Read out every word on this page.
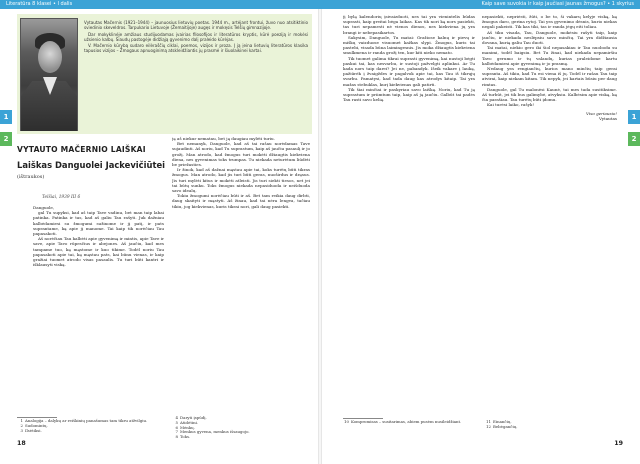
Literatūra 8 klasei • I dalis	Kaip save suvokia ir kaip jaučiasi jaunas žmogus? • 1 skyrius
1
2
1
2

Vytautas Mačernis (1921–1944) – jaunuosius lietuvių poetas. 1944 m., artėjant frontui, žuvo nuo atsitiktinio sviedinio skeveldros. Tarpukario Lietuvoje (Žemaitijoje) augęs ir mokęsis Telšių gimnazijoje.

Dar mokyklinėje amžiaus studijuodamas įvairias filosofijos ir literatūros kryptis, kūrė poeziją ir mokėsi užsienio kalbų. Šiaudų pastogėje didžiąją gyvenimo dalį praleido kūrėjas.

V. Mačernio kūrybą sudaro eilėraščių ciklai, poemos, vizijos ir proza. Į ją įeina lietuvių literatūros klasika tapusios vizijos – Žmogaus apnuoginimą atskleidžiantis jų prasmė ir šiuolaikinei kartai.

VYTAUTO MAČERNIO LAIŠKAI
Laiškas Danguolei Jackevičiūtei
(ištraukos)
Telšiai, 1939 III 6

Danguole,

gal Tu supyksi, kad aš taip Tave vadinu, bet man taip labai patinka. Patinka ir tas, kad aš galiu Tau rašyti. Juk dažniau kalbėdamiesi su žmogumi sužinome ir jį patį, ir pats suprantame, ką apie jį manome. Tai kaip tik norėčiau Tau papasakoti.

Aš norėčiau Tau kalbėti apie gyvenimą ir mintis, apie Tave ir save, apie Tavo rūpesčius ir abejones. Aš jaučiu, kad mes tampame tuo, ką mąstome ir kuo tikime. Todėl noriu Tau papasakoti apie tai, ką mąstau pats, kai būnu vienas, ir kaip gražiai tuomet atrodo visas pasaulis. Tu turi būti kantri ir išklausyti viską.

ją aš niekur nematau, bet ją daugiau mylėti turiu.

Bet nemanyk, Danguole, kad aš tai rašau norėdamas Tave sujaudinti. Aš noriu, kad Tu suprastum, kaip aš jaučiu pasaulį ir jo grožį. Man atrodo, kad žmogus turi mokėti džiaugtis kiekviena diena, nes gyvenimas toks trumpas. Tu niekada neturėtum liūdėti be priežasties.

Ir žinok, kad aš dažnai mąstau apie tai, koks turėtų būti tikras žmogus. Man atrodo, kad jis turi būti geras, nuoširdus ir drąsus. Jis turi mylėti kitus ir mokėti atleisti. Jis turi siekti tiesos, net jei tai būtų sunku. Toks žmogus niekada nepasiduoda ir neišduoda savo idealų.

Tokiu žmogumi norėčiau būti ir aš. Bet tam reikia daug dirbti, daug skaityti ir mąstyti. Aš žinau, kad tai nėra lengva, tačiau tikiu, jog kiekvienas, kuris tikrai nori, gali daug pasiekti.

jį bylą kalendorių įsivaizduoti, nes tai yra vienintelis būdas suprasti, kaip greitai bėga laikas. Kas tik nori ką nors pasiekti, tas turi nepamesti nė vienos dienos, nes kiekviena jų yra brangi ir nebepasikartos.

Sakysim, Danguole, Tu matai: Gražiose kalnų ir pievų ir miškų vaizduose visuomet kažkas slypi. Žmogus, kuris tai pastebi, visada būna laimingesnis. Jis moka džiaugtis kiekviena smulkmena ir randa grožį ten, kur kiti nieko nemato.

Tik tuomet galima tikrai suprasti gyvenimą, kai nustoji bėgti paskui tai, kas nesvarbu, ir sustoji pažvelgti aplinkui. Ar Tu kada nors taip darei? Jei ne, pabandyk. Išeik vakare į lauką, pažiūrėk į žvaigždes ir pagalvok apie tai, kas Tau iš tikrųjų svarbu. Pamatysi, kad tada daug kas atrodys kitaip. Tai yra mažas stebuklas, kurį kiekvienas gali patirti.

Tik šiai minčiai ir paskyriau savo laišką. Noriu, kad Tu ją suprastum ir priimtum taip, kaip aš ją jaučiu. Galbūt tai padės Tau rasti savo kelią.

nepasiekti, nepriėsti, žūti, o be to, ši vakarų kelyje viską, ką žmogus daro, gerina rytoj. Tai yra gyvenimo dėsnis, kurio niekas negali pakeisti. Tik kas tiki, tas ir randa jėgų eiti toliau.

Aš tiku visada, Tau, Danguole, mokėsiu rašyti taip, kaip jaučiu, ir niekada neslėpsiu savo minčių. Tai yra didžiausia dovana, kurią galiu Tau duoti.

Tai matai, niekio gero iki šiol nepasakiau ir Tau nuobodu su manimi, todėl baigsiu. Bet Tu žinai, kad niekada nepamiršiu Tavo gerumo ir tų valandų, kurias praleidome kartu kalbėdamiesi apie gyvenimą ir jo prasmę.

Nedaug yra rengiančių, kurios mano minčių taip gerai supranta. Aš tikiu, kad Tu esi viena iš jų. Todėl ir rašau Tau taip atvirai, kaip niekam kitam. Tik nepyk, jei kartais būsiu per daug rimtas.

Danguole, gal Tu malonėsi Kaunė, tai mes tada susitiksime. Aš turbūt, jei tik bus galimybė, atvyksiu. Kalbėsim apie viską, ką čia parašiau. Tau turėtų būti įdomu.

Kai turėsi laiko, rašyk!

Viso geriausio!

Vytautas

1 Analogija – dalykų ar reiškinių panašumas tam tikru atžvilgiu.
2 Sudomintų.
3 Ilsėtiksi.
4 Daryti įspūdį.
5 Atidėtini.
6 Mėnkų.
7 Menkus gyvena, menkus išsaugojo.
8 Toks.
10 Kompromisas – susitarimas, abiem pusėm nusileidžiant.	11 Einančių.
12 Bebėgančių.
18	19
